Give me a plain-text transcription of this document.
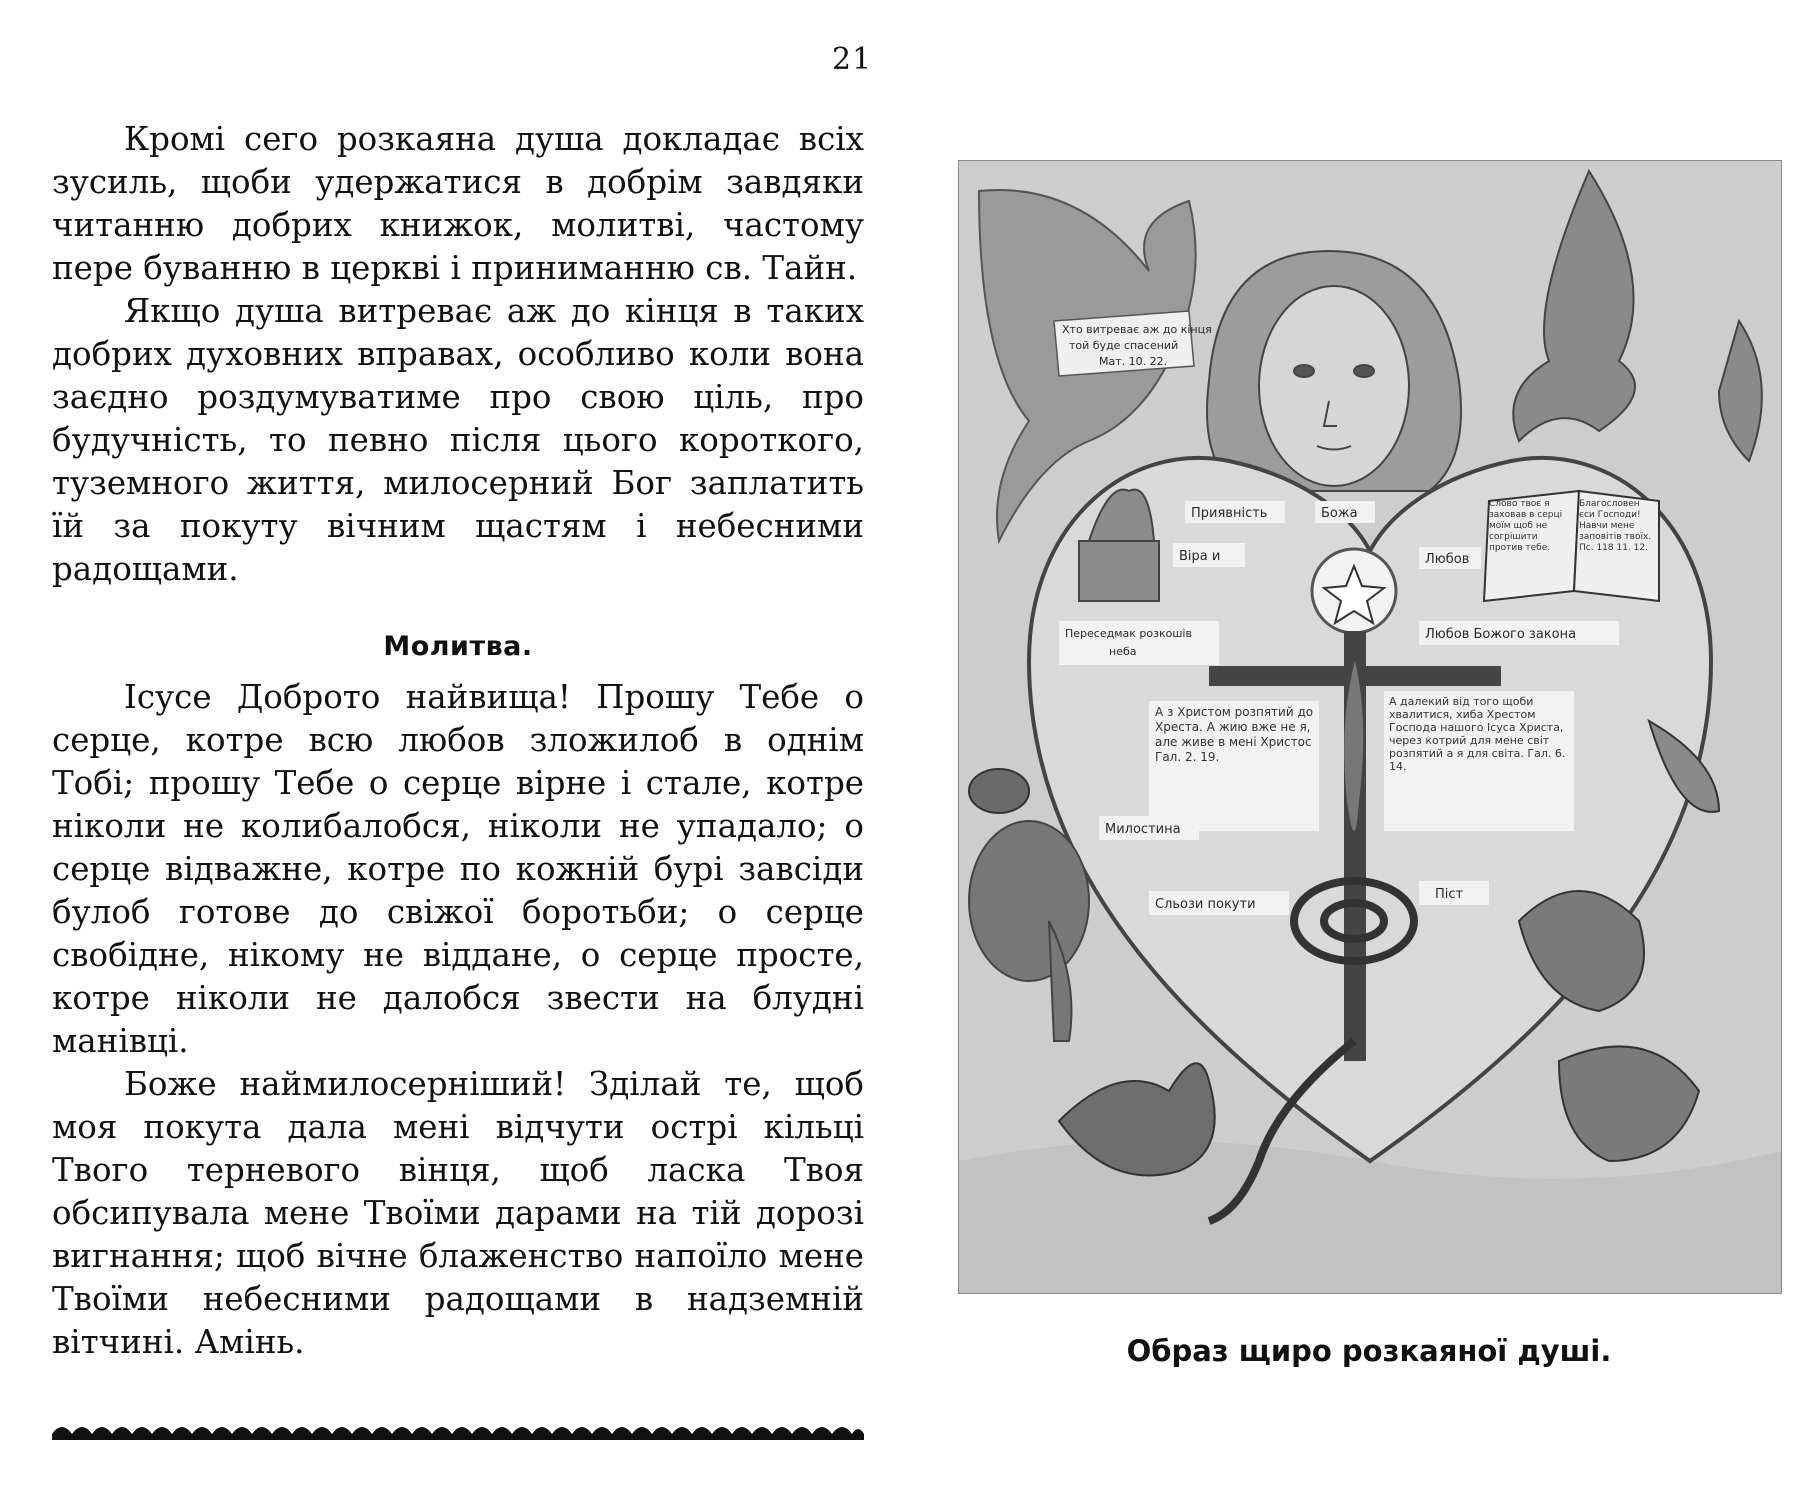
21

Кромі сего розкаяна душа докладає всіх зусиль, щоби удержатися в добрім завдяки читанню добрих книжок, молитві, частому пере буванню в церкві і приниманню св. Тайн.

Якщо душа витреває аж до кінця в таких добрих духовних вправах, особливо коли вона заєдно роздумуватиме про свою ціль, про будучність, то певно після цього короткого, туземного життя, милосерний Бог заплатить їй за покуту вічним щастям і небесними радощами.

Молитва.

Ісусе Доброто найвища! Прошу Тебе о серце, котре всю любов зложилоб в однім Тобі; прошу Тебе о серце вірне і стале, котре ніколи не колибалобся, ніколи не упадало; о серце відважне, котре по кожній бурі завсіди булоб готове до свіжої боротьби; о серце свобідне, нікому не віддане, о серце просте, котре ніколи не далобся звести на блудні манівці.

Боже наймилосерніший! Зділай те, щоб моя покута дала мені відчути острі кільці Твого терневого вінця, щоб ласка Твоя обсипувала мене Твоїми дарами на тій дорозі вигнання; щоб вічне блаженство напоїло мене Твоїми небесними радощами в надземній вітчині. Амінь.

Хто витреває аж до кінця
той буде спасений
Мат. 10. 22.
Слово твоє я заховав в серці моїм щоб не согрішити против тебе.
Благословен єси Господи! Навчи мене заповітів твоїх. Пс. 118 11. 12.
Приявність	Божа
Віра и	Любов
Переседмак розкошів
неба
Любов Божого закона
А з Христом розпятий до Хреста. А жию вже не я, але живе в мені Христос Гал. 2. 19.
А далекий від того щоби хвалитися, хиба Хрестом Господа нашого Ісуса Христа, через котрий для мене світ розпятий а я для світа. Гал. 6. 14.
Милостина
Сльози покути
Піст
Образ щиро розкаяної душі.
